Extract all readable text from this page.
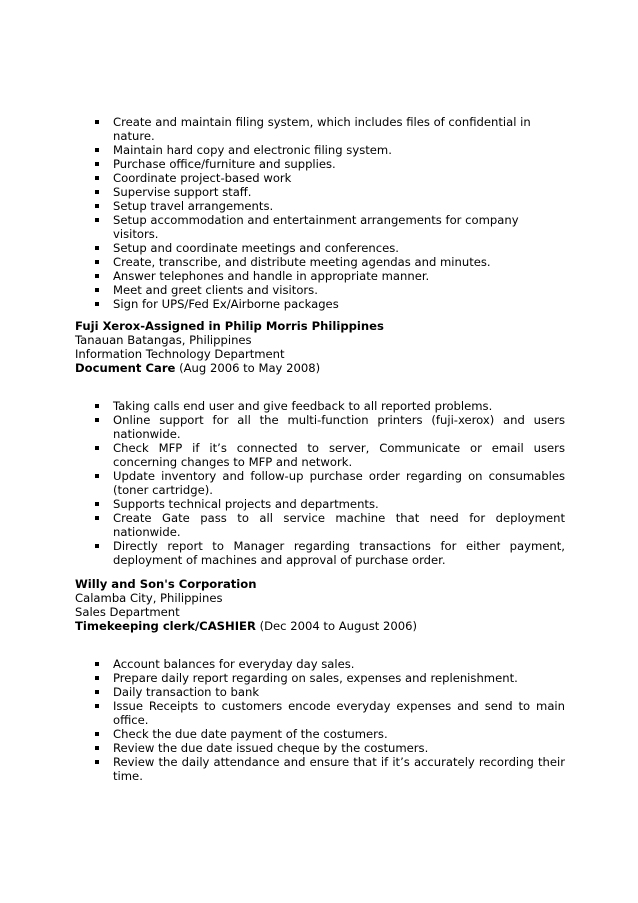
Create and maintain filing system, which includes files of confidential in nature.
Maintain hard copy and electronic filing system.
Purchase office/furniture and supplies.
Coordinate project-based work
Supervise support staff.
Setup travel arrangements.
Setup accommodation and entertainment arrangements for company visitors.
Setup and coordinate meetings and conferences.
Create, transcribe, and distribute meeting agendas and minutes.
Answer telephones and handle in appropriate manner.
Meet and greet clients and visitors.
Sign for UPS/Fed Ex/Airborne packages
Fuji Xerox-Assigned in Philip Morris Philippines
Tanauan Batangas, Philippines
Information Technology Department
Document Care (Aug 2006 to May 2008)
Taking calls end user and give feedback to all reported problems.
Online support for all the multi-function printers (fuji-xerox) and users nationwide.
Check MFP if it’s connected to server, Communicate or email users concerning changes to MFP and network.
Update inventory and follow-up purchase order regarding on consumables (toner cartridge).
Supports technical projects and departments.
Create Gate pass to all service machine that need for deployment nationwide.
Directly report to Manager regarding transactions for either payment, deployment of machines and approval of purchase order.
Willy and Son's Corporation
Calamba City, Philippines
Sales Department
Timekeeping clerk/CASHIER (Dec 2004 to August 2006)
Account balances for everyday day sales.
Prepare daily report regarding on sales, expenses and replenishment.
Daily transaction to bank
Issue Receipts to customers encode everyday expenses and send to main office.
Check the due date payment of the costumers.
Review the due date issued cheque by the costumers.
Review the daily attendance and ensure that if it’s accurately recording their time.
